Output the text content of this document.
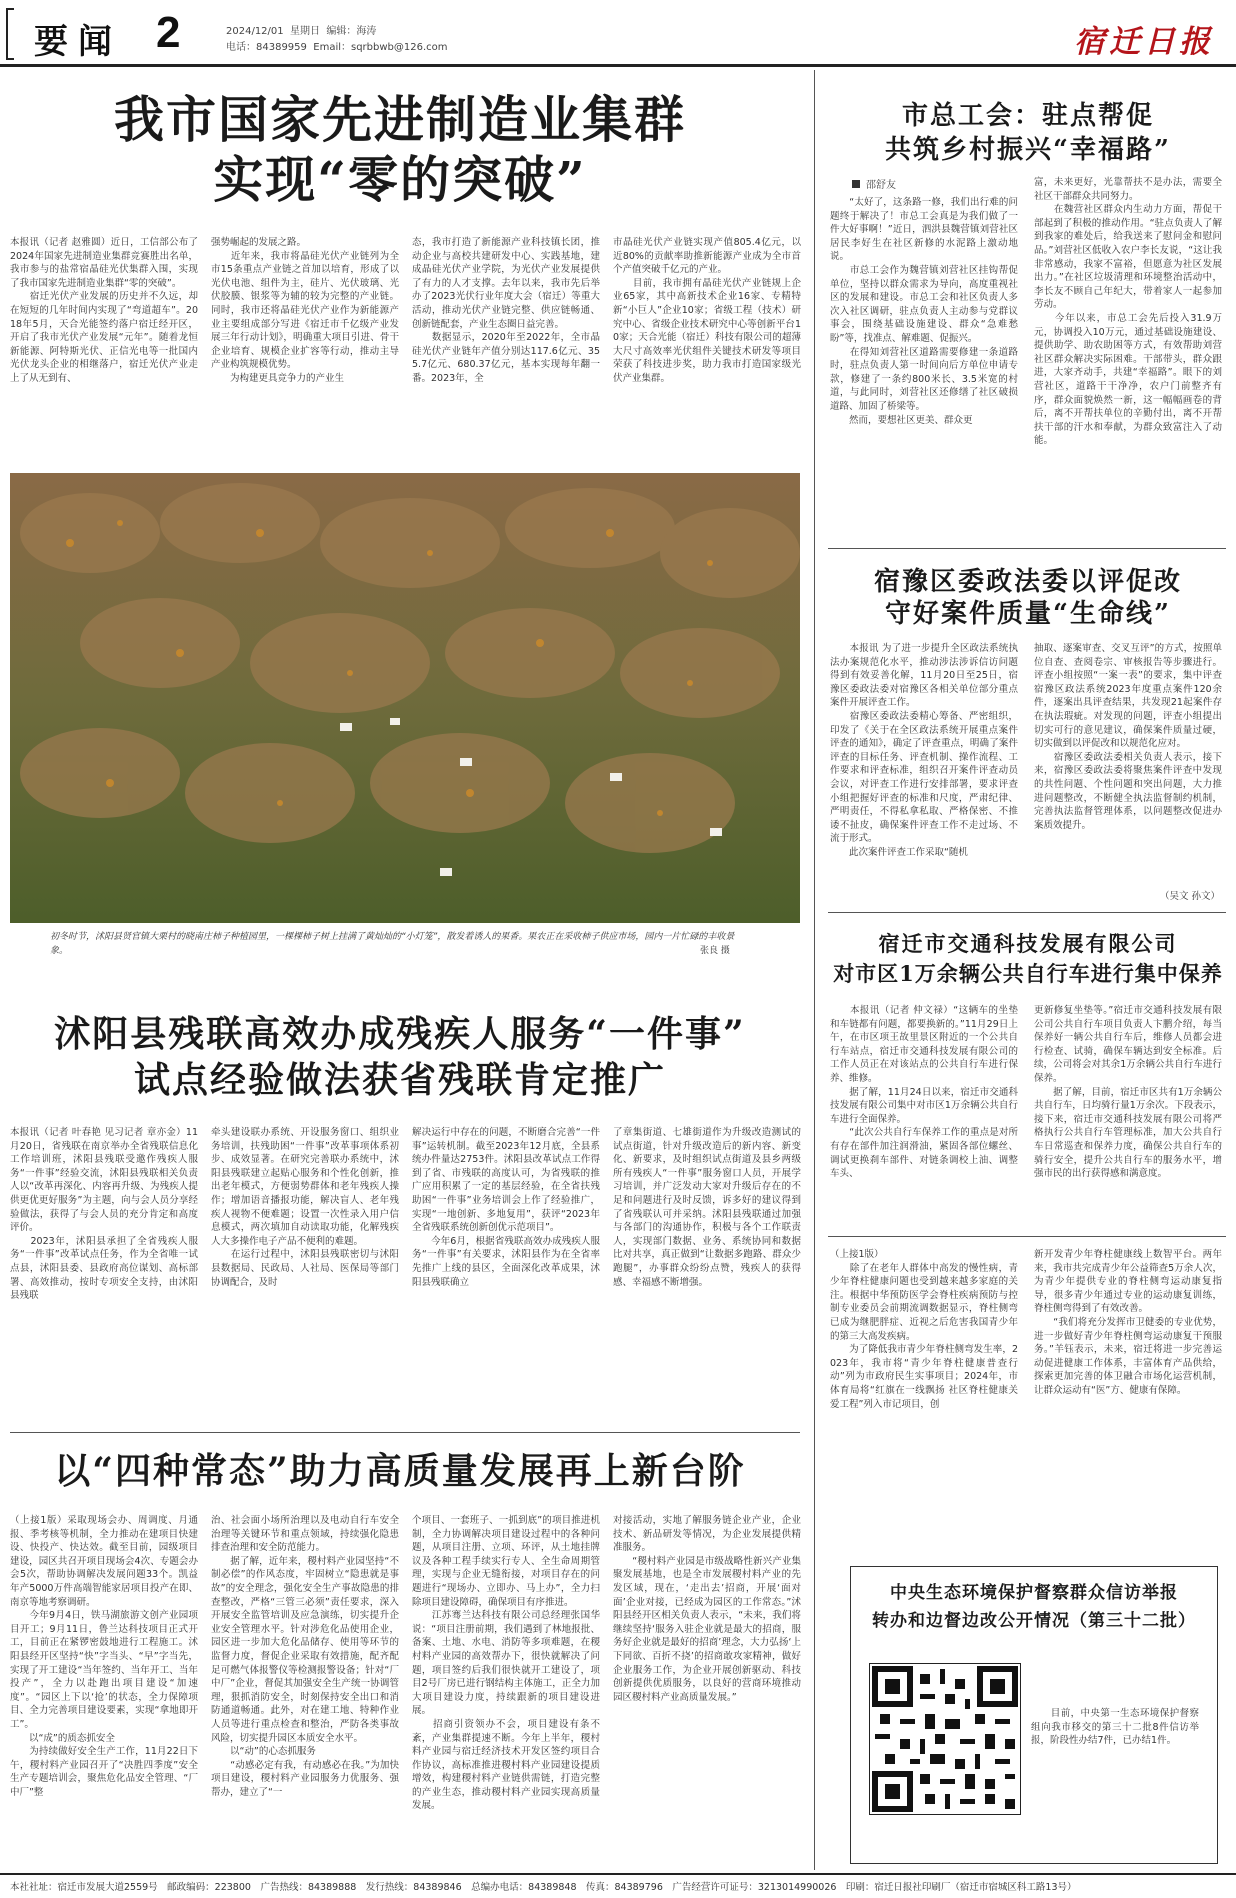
要闻 2	2024/12/01  星期日  编辑：海涛
电话：84389959  Email：sqrbbwb@126.com	宿迁日报
我市国家先进制造业集群
实现“零的突破”
本报讯（记者 赵雅圆）近日，工信部公布了2024年国家先进制造业集群竞赛胜出名单，我市参与的盐常宿晶硅光伏集群入围，实现了我市国家先进制造业集群“零的突破”。
　　宿迁光伏产业发展的历史并不久远，却在短短的几年时间内实现了“弯道超车”。2018年5月，天合光能签约落户宿迁经开区，开启了我市光伏产业发展“元年”。随着龙恒新能源、阿特斯光伏、正信光电等一批国内光伏龙头企业的相继落户，宿迁光伏产业走上了从无到有、
强势崛起的发展之路。
　　近年来，我市将晶硅光伏产业链列为全市15条重点产业链之首加以培育，形成了以光伏电池、组件为主，硅片、光伏玻璃、光伏胶膜、银浆等为辅的较为完整的产业链。同时，我市还将晶硅光伏产业作为新能源产业主要组成部分写进《宿迁市千亿级产业发展三年行动计划》，明确重大项目引进、骨干企业培育、规模企业扩容等行动，推动主导产业构筑规模优势。
　　为构建更具竞争力的产业生
态，我市打造了新能源产业科技镇长团，推动企业与高校共建研发中心、实践基地，建成晶硅光伏产业学院，为光伏产业发展提供了有力的人才支撑。去年以来，我市先后举办了2023光伏行业年度大会（宿迁）等重大活动，推动光伏产业链完整、供应链畅通、创新链配套，产业生态圈日益完善。
　　数据显示，2020年至2022年，全市晶硅光伏产业链年产值分别达117.6亿元、355.7亿元、680.37亿元，基本实现每年翻一番。2023年，全
市晶硅光伏产业链实现产值805.4亿元，以近80%的贡献率助推新能源产业成为全市首个产值突破千亿元的产业。
　　目前，我市拥有晶硅光伏产业链规上企业65家，其中高新技术企业16家、专精特新“小巨人”企业10家；省级工程（技术）研究中心、省级企业技术研究中心等创新平台10家；天合光能（宿迁）科技有限公司的超薄大尺寸高效率光伏组件关键技术研发等项目荣获了科技进步奖，助力我市打造国家级光伏产业集群。
初冬时节，沭阳县贤官镇大栗村的晓南庄柿子种植园里，一棵棵柿子树上挂满了黄灿灿的“小灯笼”，散发着诱人的果香。果农正在采收柿子供应市场，园内一片忙碌的丰收景象。	张良 摄
沭阳县残联高效办成残疾人服务“一件事”
试点经验做法获省残联肯定推广
本报讯（记者 叶春艳 见习记者 章亦金）11月20日，省残联在南京举办全省残联信息化工作培训班，沭阳县残联受邀作残疾人服务“一件事”经验交流，沭阳县残联相关负责人以“改革再深化、内容再升级、为残疾人提供更优更好服务”为主题，向与会人员分享经验做法，获得了与会人员的充分肯定和高度评价。
　　2023年，沭阳县承担了全省残疾人服务“一件事”改革试点任务，作为全省唯一试点县，沭阳县委、县政府高位谋划、高标部署、高效推动，按时专项安全支持，由沭阳县残联
牵头建设联办系统、开设服务窗口、组织业务培训，扶残助困“一件事”改革事项体系初步、成效显著。在研究完善联办系统中，沭阳县残联建立起贴心服务和个性化创新，推出老年模式，方便弱势群体和老年残疾人操作；增加语音播报功能，解决盲人、老年残疾人视物不便难题；设置一次性录入用户信息模式，两次填加自动读取功能，化解残疾人大多操作电子产品不便利的难题。
　　在运行过程中，沭阳县残联密切与沭阳县数据局、民政局、人社局、医保局等部门协调配合，及时
解决运行中存在的问题，不断磨合完善“一件事”运转机制。截至2023年12月底，全县系统办件量达2753件。沭阳县改革试点工作得到了省、市残联的高度认可，为省残联的推广应用积累了一定的基层经验，在全省扶残助困“一件事”业务培训会上作了经验推广，实现“一地创新、多地复用”，获评“2023年全省残联系统创新创优示范项目”。
　　今年6月，根据省残联高效办成残疾人服务“一件事”有关要求，沭阳县作为在全省率先推广上线的县区，全面深化改革成果，沭阳县残联确立
了章集街道、七雄街道作为升级改造测试的试点街道，针对升级改造后的新内容、新变化、新要求，及时组织试点街道及县乡两级所有残疾人“一件事”服务窗口人员，开展学习培训，并广泛发动大家对升级后存在的不足和问题进行及时反馈，诉多好的建议得到了省残联认可并采纳。沭阳县残联通过加强与各部门的沟通协作，积极与各个工作联责人，实现部门数据、业务、系统协同和数据比对共享，真正做到“让数据多跑路、群众少跑腿”，办事群众纷纷点赞，残疾人的获得感、幸福感不断增强。
以“四种常态”助力高质量发展再上新台阶
（上接1版）采取现场会办、周调度、月通报、季考核等机制，全力推动在建项目快建设、快投产、快达效。截至目前，园级项目建设，园区共召开项目现场会4次、专题会办会5次，帮助协调解决发展问题33个。凯益年产5000万件高端智能家居项目投产在即、南京等地考察调研。
　　今年9月4日，铁马湖旅游文创产业园项目开工；9月11日，鲁兰达科技项目正式开工，目前正在紧锣密鼓地进行工程施工。沭阳县经开区坚持“快”字当头、“早”字当先，实现了开工建设“当年签约、当年开工、当年投产”，全力以赴跑出项目建设“加速度”。“园区上下以‘抢’的状态，全力保障项目、全力完善项目建设要素，实现“拿地即开工”。
　　以“成”的质态抓安全
　　为持续做好安全生产工作，11月22日下午，稷村料产业园召开了“决胜四季度”安全生产专题培训会，聚焦危化品安全管理、“厂中厂”整
治、社会面小场所治理以及电动自行车安全治理等关键环节和重点领域，持续强化隐患排查治理和安全防范能力。
　　据了解，近年来，稷村料产业园坚持“不制必偿”的作风态度，牢固树立“隐患就是事故”的安全理念，强化安全生产事故隐患的排查整改，严格“三管三必须”责任要求，深入开展安全监管培训及应急演练，切实提升企业安全管理水平。针对涉危化品使用企业，园区进一步加大危化品储存、使用等环节的监督力度，督促企业采取有效措施，配齐配足可燃气体报警仪等检测报警设备；针对“厂中厂”企业，督促其加强安全生产统一协调管理，狠抓消防安全，时刻保持安全出口和消防通道畅通。此外，对在建工地、特种作业人员等进行重点检查和整治，严防各类事故风险，切实提升园区本质安全水平。
　　以“动”的心态抓服务
　　“动感必定有我，有动感必在我。”为加快项目建设，稷村料产业园服务力优服务、强帮办，建立了“一
个项目、一套班子、一抓到底”的项目推进机制，全力协调解决项目建设过程中的各种问题，从项目注册、立项、环评，从土地挂牌议及各种工程手续实行专人、全生命周期管理，实现与企业无缝衔接，对项目存在的问题进行“现场办、立即办、马上办”，全力扫除项目建设障碍，确保项目有序推进。
　　江苏骞兰达科技有限公司总经理张国华说：“项目注册前期，我们遇到了林地报批、备案、土地、水电、消防等多项难题，在稷村料产业园的高效帮办下，很快就解决了问题，项目签约后我们很快就开工建设了，项目2号厂房已进行钢结构主体施工，正全力加大项目建设力度，持续跟新的项目建设进展。
　　招商引资领办不会，项目建设有条不紊，产业集群提速不断。今年上半年，稷村料产业园与宿迁经济技术开发区签约项目合作协议，高标准推进稷村料产业园建设提质增效，构建稷村料产业链供需链，打造完整的产业生态，推动稷村料产业园实现高质量发展。
对接活动，实地了解服务链企业产业，企业技术、新品研发等情况，为企业发展提供精准服务。
　　“稷村料产业园是市级战略性新兴产业集聚发展基地，也是全市发展稷村料产业的先发区域，现在，‘走出去’招商，开展‘面对面’企业对接，已经成为园区的工作常态。”沭阳县经开区相关负责人表示，“未来，我们将继续坚持‘服务入驻企业就是最大的招商，服务好企业就是最好的招商’理念，大力弘扬‘上下同欲、百折不挠’的招商敢攻家精神，做好企业服务工作，为企业开展创新驱动、科技创新提供优质服务，以良好的营商环境推动园区稷村料产业高质量发展。”
市总工会：驻点帮促
共筑乡村振兴“幸福路”
邵舒友
　　“太好了，这条路一修，我们出行难的问题终于解决了！市总工会真是为我们做了一件大好事啊！”近日，泗洪县魏营镇刘营社区居民李好生在社区新修的水泥路上激动地说。
　　市总工会作为魏营镇刘营社区挂钩帮促单位，坚持以群众需求为导向，高度重视社区的发展和建设。市总工会和社区负责人多次入社区调研，驻点负责人主动参与党群议事会，围绕基础设施建设、群众“急难愁盼”等，找准点、解难题、促振兴。
　　在得知刘营社区道路需要修建一条道路时，驻点负责人第一时间向后方单位申请专款，修建了一条约800米长、3.5米宽的村道，与此同时，刘营社区还修缮了社区破损道路、加固了桥梁等。
　　然而，要想社区更美、群众更
富，未来更好，光靠帮扶不是办法，需要全社区干部群众共同努力。
　　在魏营社区群众内生动力方面，帮促干部起到了积极的推动作用。“驻点负责人了解到我家的难处后，给我送来了慰问金和慰问品。”刘营社区低收入农户李长友说，“这让我非常感动，我家不富裕，但愿意为社区发展出力。”在社区垃圾清理和环境整治活动中，李长友不顾自己年纪大，带着家人一起参加劳动。
　　今年以来，市总工会先后投入31.9万元，协调投入10万元，通过基础设施建设、提供助学、助农助困等方式，有效帮助刘营社区群众解决实际困难。干部带头，群众跟进，大家齐动手，共建“幸福路”。眼下的刘营社区，道路干干净净，农户门前整齐有序，群众面貌焕然一新，这一幅幅画卷的背后，离不开帮扶单位的辛勤付出，离不开帮扶干部的汗水和奉献，为群众致富注入了动能。
宿豫区委政法委以评促改
守好案件质量“生命线”
　　本报讯 为了进一步提升全区政法系统执法办案规范化水平，推动涉法涉诉信访问题得到有效妥善化解，11月20日至25日，宿豫区委政法委对宿豫区各相关单位部分重点案件开展评查工作。
　　宿豫区委政法委精心筹备、严密组织，印发了《关于在全区政法系统开展重点案件评查的通知》，确定了评查重点，明确了案件评查的目标任务、评查机制、操作流程、工作要求和评查标准，组织召开案件评查动员会议，对评查工作进行安排部署，要求评查小组把握好评查的标准和尺度，严肃纪律、严明责任，不得私拿私取、严格保密、不推诿不扯皮，确保案件评查工作不走过场、不流于形式。
　　此次案件评查工作采取“随机
抽取、逐案审查、交叉互评”的方式，按照单位自查、查阅卷宗、审核报告等步骤进行。评查小组按照“一案一表”的要求，集中评查宿豫区政法系统2023年度重点案件120余件，逐案出具评查结果，共发现21起案件存在执法瑕疵。对发现的问题，评查小组提出切实可行的意见建议，确保案件质量过硬，切实做到以评促改和以规范化应对。
　　宿豫区委政法委相关负责人表示，接下来，宿豫区委政法委将聚焦案件评查中发现的共性问题、个性问题和突出问题，大力推进问题整改，不断健全执法监督制约机制，完善执法监督管理体系，以问题整改促进办案质效提升。
（吴文 孙文）
宿迁市交通科技发展有限公司
对市区1万余辆公共自行车进行集中保养
　　本报讯（记者 仲文禄）“这辆车的坐垫和车链都有问题，都要换新的。”11月29日上午，在市区项王故里景区附近的一个公共自行车站点，宿迁市交通科技发展有限公司的工作人员正在对该站点的公共自行车进行保养、维修。
　　据了解，11月24日以来，宿迁市交通科技发展有限公司集中对市区1万余辆公共自行车进行全面保养。
　　“此次公共自行车保养工作的重点是对所有存在部件加注润滑油，紧固各部位螺丝、调试更换刹车部件、对链条调校上油、调整车头、
更新修复坐垫等。”宿迁市交通科技发展有限公司公共自行车项目负责人卞鹏介绍，每当保养好一辆公共自行车后，维修人员都会进行检查、试骑，确保车辆达到安全标准。后续，公司将会对其余1万余辆公共自行车进行保养。
　　据了解，目前，宿迁市区共有1万余辆公共自行车，日均骑行量1万余次。下段表示，接下来，宿迁市交通科技发展有限公司将严格执行公共自行车管理标准，加大公共自行车日常巡查和保养力度，确保公共自行车的骑行安全，提升公共自行车的服务水平，增强市民的出行获得感和满意度。
（上接1版）
　　除了在老年人群体中高发的慢性病，青少年脊柱健康问题也受到越来越多家庭的关注。根据中华预防医学会脊柱疾病预防与控制专业委员会前期流调数据显示，脊柱侧弯已成为继肥胖症、近视之后危害我国青少年的第三大高发疾病。
　　为了降低我市青少年脊柱侧弯发生率，2023年，我市将“青少年脊柱健康普查行动”列为市政府民生实事项目；2024年，市体育局将“红旗在一线飘扬 社区脊柱健康关爱工程”列入市记项目，创
新开发青少年脊柱健康线上数智平台。两年来，我市共完成青少年公益筛查5万余人次，为青少年提供专业的脊柱侧弯运动康复指导，很多青少年通过专业的运动康复训练，脊柱侧弯得到了有效改善。
　　“我们将充分发挥市卫健委的专业优势，进一步做好青少年脊柱侧弯运动康复干预服务。”羊钰表示，未来，宿迁将进一步完善运动促进健康工作体系，丰富体育产品供给，探索更加完善的体卫融合市场化运营机制，让群众运动有“医”方、健康有保障。
中央生态环境保护督察群众信访举报
转办和边督边改公开情况（第三十二批）
　　目前，中央第一生态环境保护督察组向我市移交的第三十二批8件信访举报，阶段性办结7件，已办结1件。
本社社址：宿迁市发展大道2559号　邮政编码：223800　广告热线：84389888　发行热线：84389846　总编办电话：84389848　传真：84389796　广告经营许可证号：3213014990026　印刷：宿迁日报社印刷厂（宿迁市宿城区科工路13号）
